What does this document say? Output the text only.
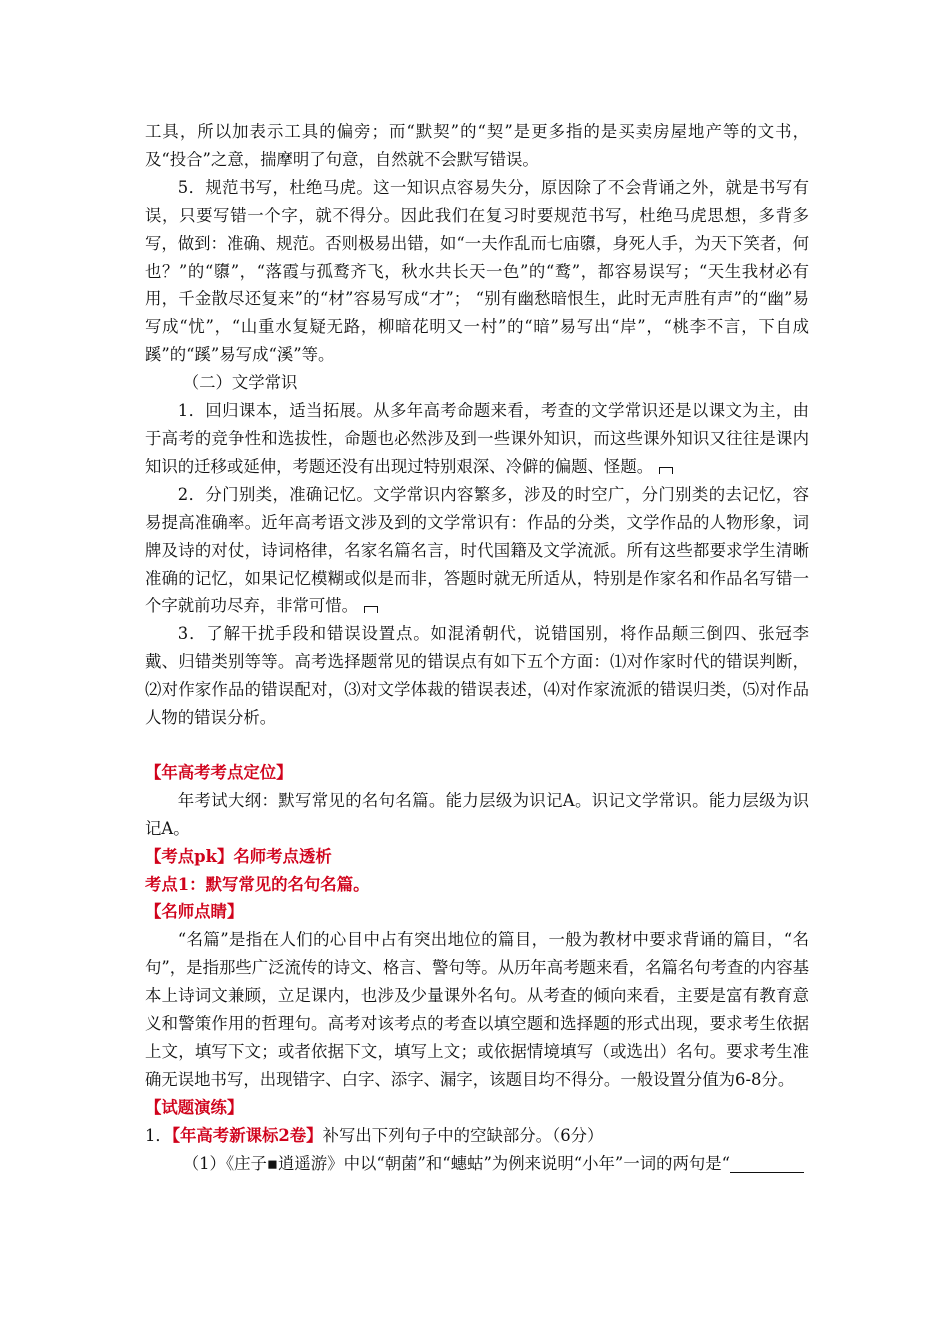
工具，所以加表示工具的偏旁；而“默契”的“契”是更多指的是买卖房屋地产等的文书，及“投合”之意，揣摩明了句意，自然就不会默写错误。

5．规范书写，杜绝马虎。这一知识点容易失分，原因除了不会背诵之外，就是书写有误，只要写错一个字，就不得分。因此我们在复习时要规范书写，杜绝马虎思想，多背多写，做到：准确、规范。否则极易出错，如“一夫作乱而七庙隳，身死人手，为天下笑者，何也？”的“隳”，“落霞与孤鹜齐飞，秋水共长天一色”的“鹜”，都容易误写；“天生我材必有用，千金散尽还复来”的“材”容易写成“才”； “别有幽愁暗恨生，此时无声胜有声”的“幽”易写成“忧”，“山重水复疑无路，柳暗花明又一村”的“暗”易写出“岸”，“桃李不言，下自成蹊”的“蹊”易写成“溪”等。

（二）文学常识

1．回归课本，适当拓展。从多年高考命题来看，考查的文学常识还是以课文为主，由于高考的竞争性和选拔性，命题也必然涉及到一些课外知识，而这些课外知识又往往是课内知识的迁移或延伸，考题还没有出现过特别艰深、冷僻的偏题、怪题。

2．分门别类，准确记忆。文学常识内容繁多，涉及的时空广，分门别类的去记忆，容易提高准确率。近年高考语文涉及到的文学常识有：作品的分类，文学作品的人物形象，词牌及诗的对仗，诗词格律，名家名篇名言，时代国籍及文学流派。所有这些都要求学生清晰准确的记忆，如果记忆模糊或似是而非，答题时就无所适从，特别是作家名和作品名写错一个字就前功尽弃，非常可惜。

3．了解干扰手段和错误设置点。如混淆朝代，说错国别，将作品颠三倒四、张冠李戴、归错类别等等。高考选择题常见的错误点有如下五个方面：⑴对作家时代的错误判断，⑵对作家作品的错误配对，⑶对文学体裁的错误表述，⑷对作家流派的错误归类，⑸对作品人物的错误分析。

【年高考考点定位】

年考试大纲：默写常见的名句名篇。能力层级为识记A。识记文学常识。能力层级为识记A。

【考点pk】名师考点透析

考点1：默写常见的名句名篇。

【名师点睛】

“名篇”是指在人们的心目中占有突出地位的篇目，一般为教材中要求背诵的篇目，“名句”，是指那些广泛流传的诗文、格言、警句等。从历年高考题来看，名篇名句考查的内容基本上诗词文兼顾，立足课内，也涉及少量课外名句。从考查的倾向来看，主要是富有教育意义和警策作用的哲理句。高考对该考点的考查以填空题和选择题的形式出现，要求考生依据上文，填写下文；或者依据下文，填写上文；或依据情境填写（或选出）名句。要求考生准确无误地书写，出现错字、白字、添字、漏字，该题目均不得分。一般设置分值为6-8分。

【试题演练】

1．【年高考新课标2卷】补写出下列句子中的空缺部分。（6分）

（1）《庄子▪逍遥游》中以“朝菌”和“蟪蛄”为例来说明“小年”一词的两句是“
